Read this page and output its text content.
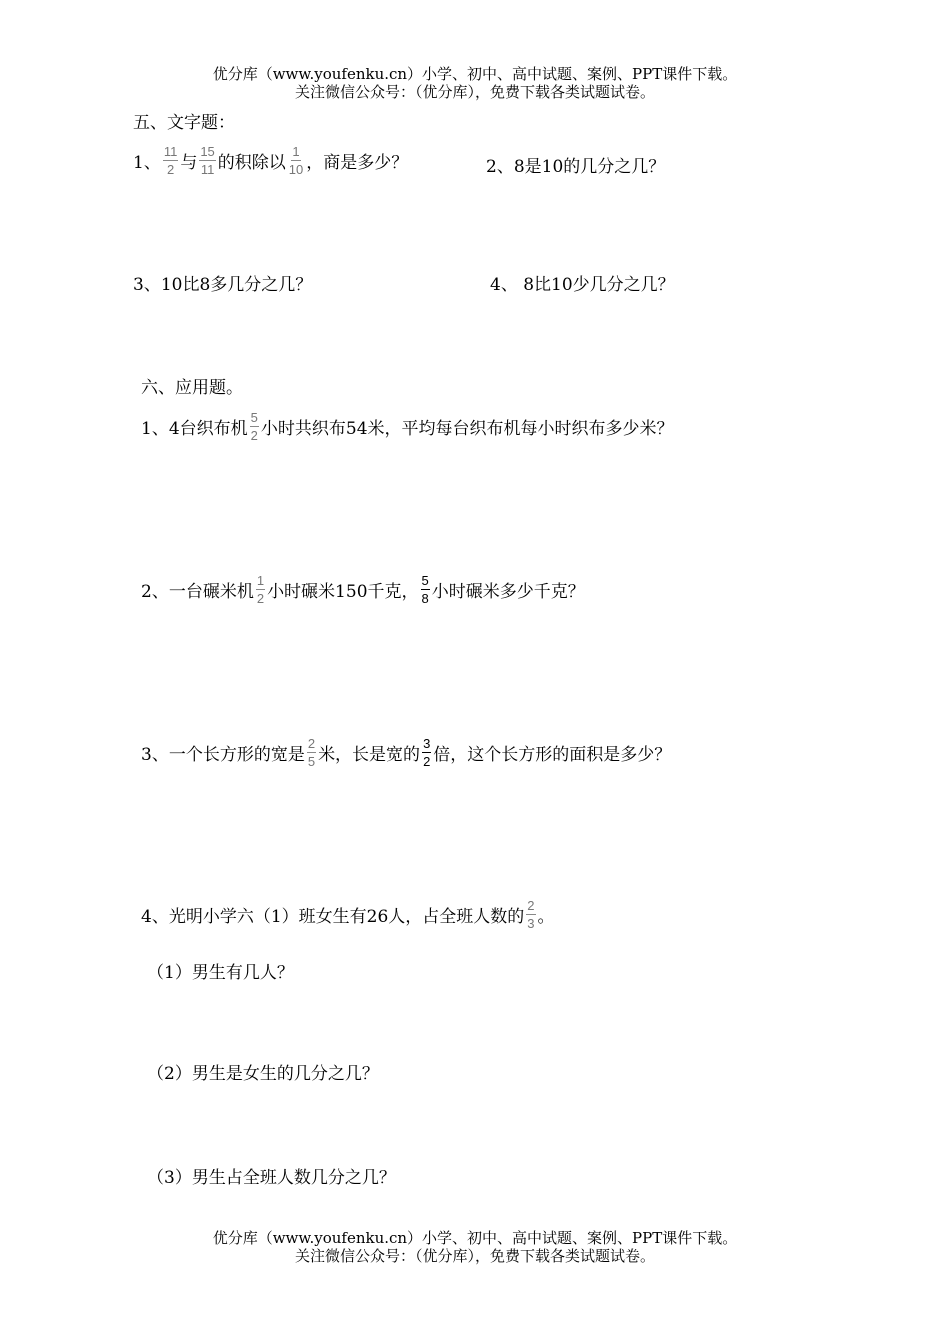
优分库（www.youfenku.cn）小学、初中、高中试题、案例、PPT课件下载。
关注微信公众号：（优分库），免费下载各类试题试卷。
五、文字题：
1、 $\frac{11}{2}$ 与 $\frac{15}{11}$ 的积除以 $\frac{1}{10}$ ，商是多少？	2、8是10的几分之几？
3、10比8多几分之几？	4、 8比10少几分之几？
六、应用题。
1、4台织布机 $\frac{5}{2}$ 小时共织布54米，平均每台织布机每小时织布多少米？
2、一台碾米机 $\frac{1}{2}$ 小时碾米150千克， $\frac{5}{8}$ 小时碾米多少千克？
3、一个长方形的宽是 $\frac{2}{5}$ 米，长是宽的 $\frac{3}{2}$ 倍，这个长方形的面积是多少？
4、光明小学六（1）班女生有26人，占全班人数的 $\frac{2}{3}$ 。
（1）男生有几人？
（2）男生是女生的几分之几？
（3）男生占全班人数几分之几？
优分库（www.youfenku.cn）小学、初中、高中试题、案例、PPT课件下载。
关注微信公众号：（优分库），免费下载各类试题试卷。
